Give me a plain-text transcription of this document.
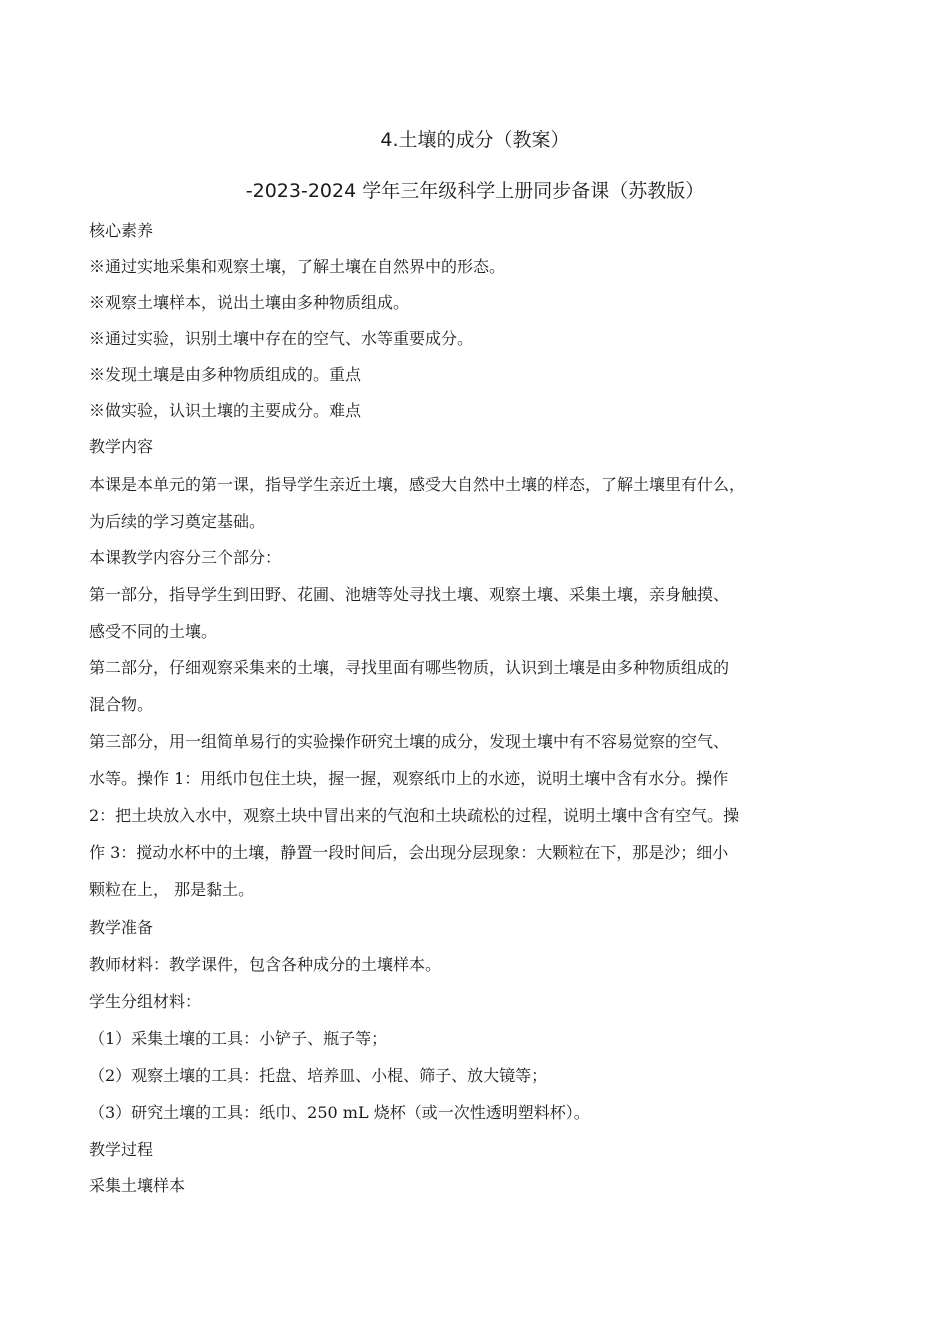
4.土壤的成分（教案）
-2023-2024 学年三年级科学上册同步备课（苏教版）
核心素养
※通过实地采集和观察土壤，了解土壤在自然界中的形态。
※观察土壤样本，说出土壤由多种物质组成。
※通过实验，识别土壤中存在的空气、水等重要成分。
※发现土壤是由多种物质组成的。重点
※做实验，认识土壤的主要成分。难点
教学内容
本课是本单元的第一课，指导学生亲近土壤，感受大自然中土壤的样态，了解土壤里有什么，
为后续的学习奠定基础。
本课教学内容分三个部分：
第一部分，指导学生到田野、花圃、池塘等处寻找土壤、观察土壤、采集土壤，亲身触摸、
感受不同的土壤。
第二部分，仔细观察采集来的土壤，寻找里面有哪些物质，认识到土壤是由多种物质组成的
混合物。
第三部分，用一组简单易行的实验操作研究土壤的成分，发现土壤中有不容易觉察的空气、
水等。操作 1：用纸巾包住土块，握一握，观察纸巾上的水迹，说明土壤中含有水分。操作
2：把土块放入水中，观察土块中冒出来的气泡和土块疏松的过程，说明土壤中含有空气。操
作 3：搅动水杯中的土壤，静置一段时间后，会出现分层现象：大颗粒在下，那是沙；细小
颗粒在上， 那是黏土。
教学准备
教师材料：教学课件，包含各种成分的土壤样本。
学生分组材料：
（1）采集土壤的工具：小铲子、瓶子等；
（2）观察土壤的工具：托盘、培养皿、小棍、筛子、放大镜等；
（3）研究土壤的工具：纸巾、250 mL 烧杯（或一次性透明塑料杯）。
教学过程
采集土壤样本
